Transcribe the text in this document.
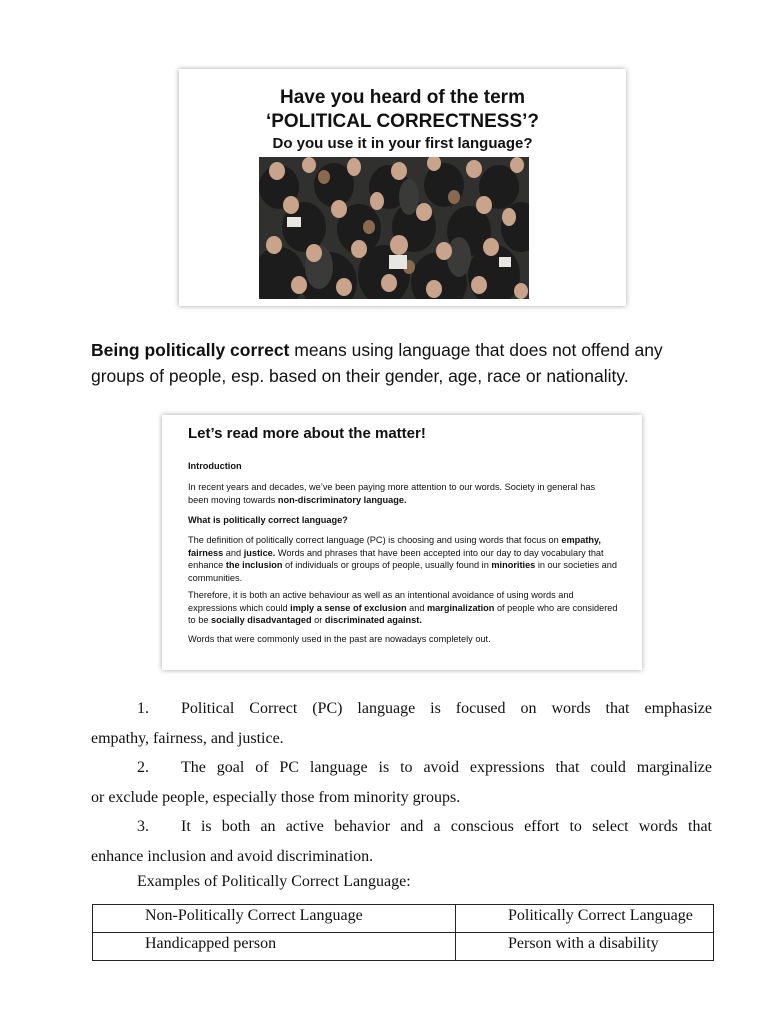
Have you heard of the term
‘POLITICAL CORRECTNESS’?
Do you use it in your first language?
Being politically correct means using language that does not offend any groups of people, esp. based on their gender, age, race or nationality.
Let’s read more about the matter!
Introduction
In recent years and decades, we’ve been paying more attention to our words. Society in general has been moving towards non-discriminatory language.
What is politically correct language?
The definition of politically correct language (PC) is choosing and using words that focus on empathy, fairness and justice. Words and phrases that have been accepted into our day to day vocabulary that enhance the inclusion of individuals or groups of people, usually found in minorities in our societies and communities.
Therefore, it is both an active behaviour as well as an intentional avoidance of using words and expressions which could imply a sense of exclusion and marginalization of people who are considered to be socially disadvantaged or discriminated against.
Words that were commonly used in the past are nowadays completely out.
1.	Political Correct (PC) language is focused on words that emphasize
empathy, fairness, and justice.
2.	The goal of PC language is to avoid expressions that could marginalize
or exclude people, especially those from minority groups.
3.	It is both an active behavior and a conscious effort to select words that
enhance inclusion and avoid discrimination.
Examples of Politically Correct Language:
Non-Politically Correct Language	Politically Correct Language
Handicapped person	Person with a disability
